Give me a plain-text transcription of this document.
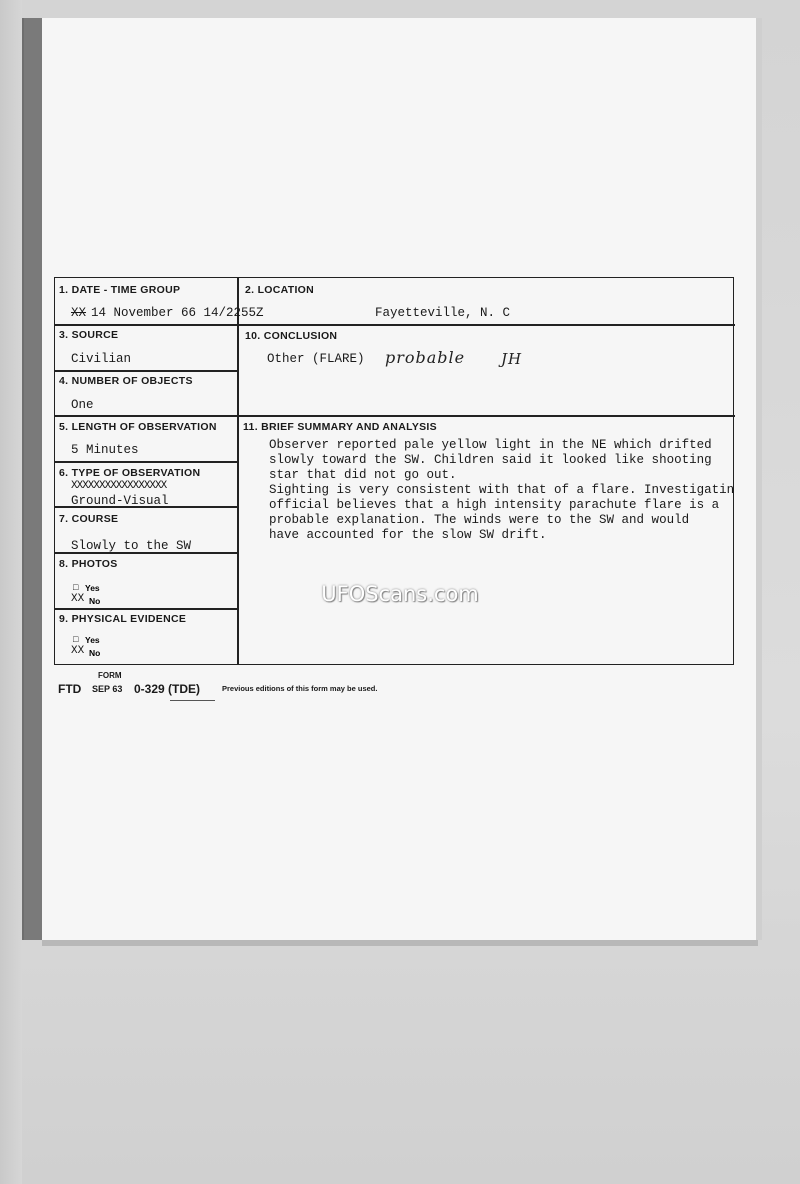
1. DATE - TIME GROUP
XX 14 November 66 14/2255Z
2. LOCATION
Fayetteville, N. C
3. SOURCE
Civilian
10. CONCLUSION
Other (FLARE) probable JH
4. NUMBER OF OBJECTS
One
5. LENGTH OF OBSERVATION
5 Minutes
11. BRIEF SUMMARY AND ANALYSIS
Observer reported pale yellow light in the NE which drifted
slowly toward the SW. Children said it looked like shooting
star that did not go out.
Sighting is very consistent with that of a flare. Investigatin
official believes that a high intensity parachute flare is a
probable explanation. The winds were to the SW and would
have accounted for the slow SW drift.
6. TYPE OF OBSERVATION
XXXXXXXXXXXXXXXXX
Ground-Visual
7. COURSE
Slowly to the SW
8. PHOTOS
□ Yes
XX No
9. PHYSICAL EVIDENCE
□ Yes
XX No
FORM
FTD SEP 63 0-329 (TDE)	Previous editions of this form may be used.
UFOScans.com
